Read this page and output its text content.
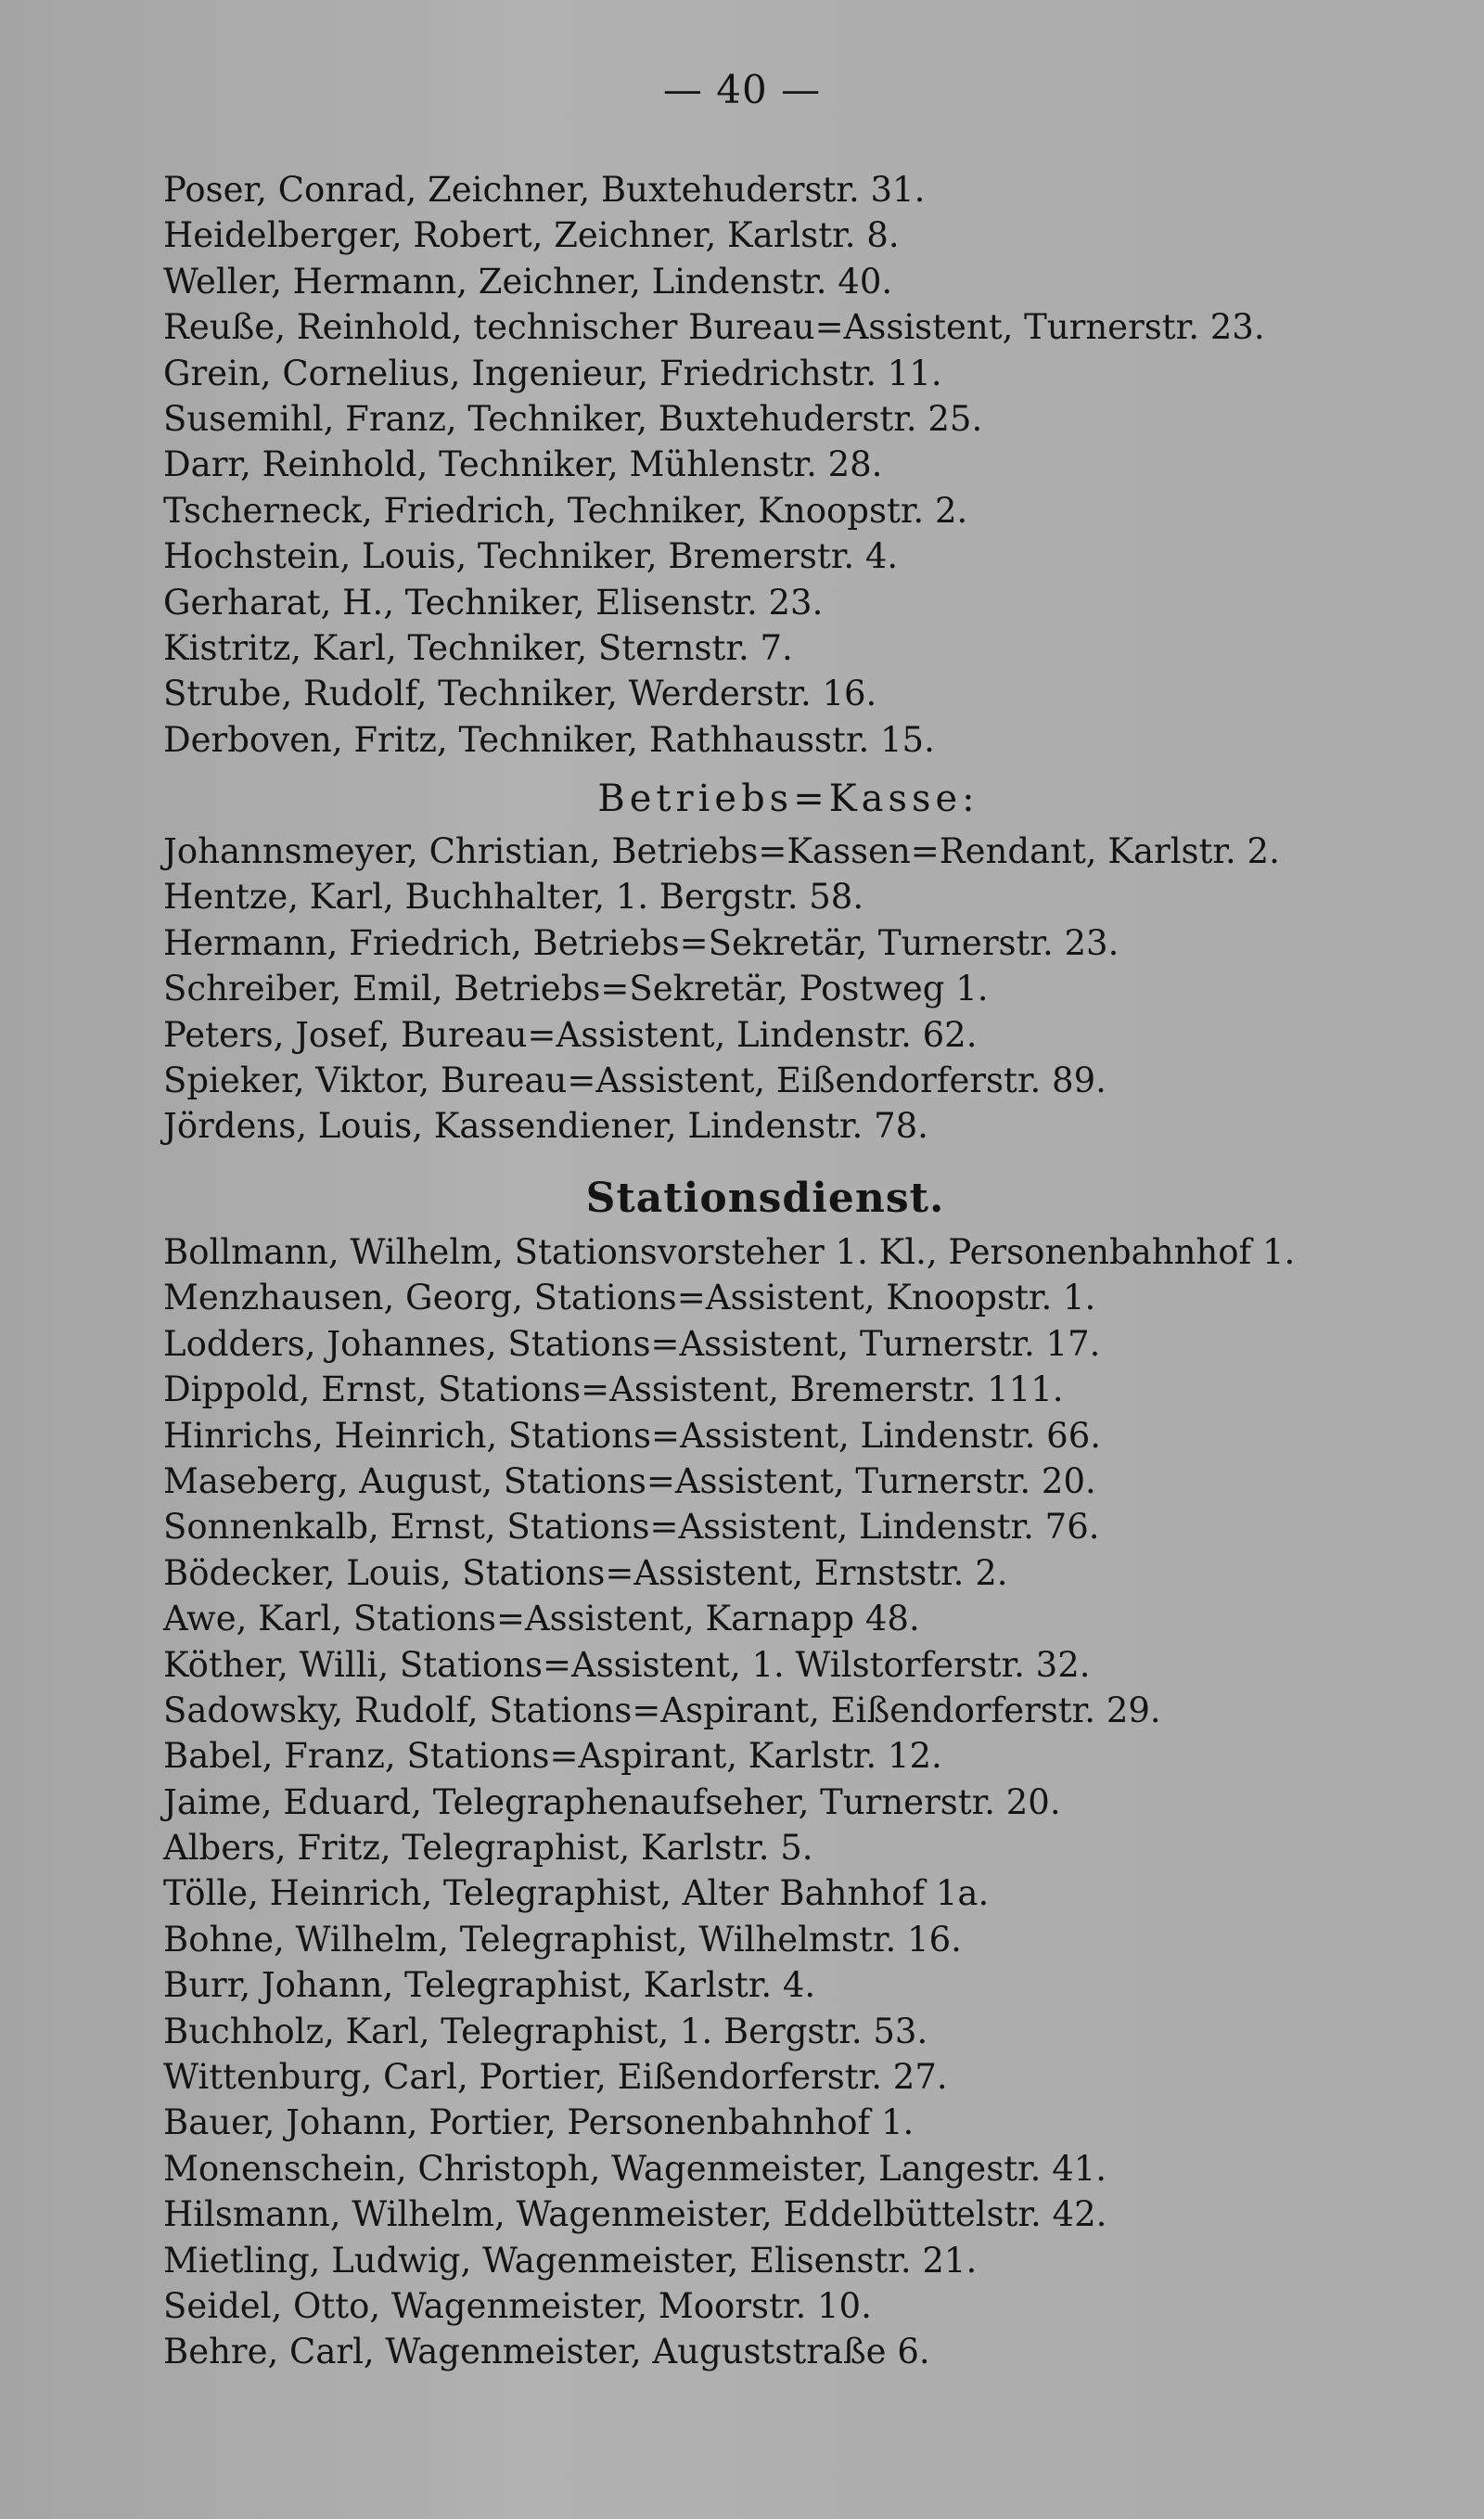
— 40 —
Poser, Conrad, Zeichner, Buxtehuderstr. 31.
Heidelberger, Robert, Zeichner, Karlstr. 8.
Weller, Hermann, Zeichner, Lindenstr. 40.
Reuße, Reinhold, technischer Bureau=Assistent, Turnerstr. 23.
Grein, Cornelius, Ingenieur, Friedrichstr. 11.
Susemihl, Franz, Techniker, Buxtehuderstr. 25.
Darr, Reinhold, Techniker, Mühlenstr. 28.
Tscherneck, Friedrich, Techniker, Knoopstr. 2.
Hochstein, Louis, Techniker, Bremerstr. 4.
Gerharat, H., Techniker, Elisenstr. 23.
Kistritz, Karl, Techniker, Sternstr. 7.
Strube, Rudolf, Techniker, Werderstr. 16.
Derboven, Fritz, Techniker, Rathhausstr. 15.
Betriebs=Kasse:
Johannsmeyer, Christian, Betriebs=Kassen=Rendant, Karlstr. 2.
Hentze, Karl, Buchhalter, 1. Bergstr. 58.
Hermann, Friedrich, Betriebs=Sekretär, Turnerstr. 23.
Schreiber, Emil, Betriebs=Sekretär, Postweg 1.
Peters, Josef, Bureau=Assistent, Lindenstr. 62.
Spieker, Viktor, Bureau=Assistent, Eißendorferstr. 89.
Jördens, Louis, Kassendiener, Lindenstr. 78.
Stationsdienst.
Bollmann, Wilhelm, Stationsvorsteher 1. Kl., Personenbahnhof 1.
Menzhausen, Georg, Stations=Assistent, Knoopstr. 1.
Lodders, Johannes, Stations=Assistent, Turnerstr. 17.
Dippold, Ernst, Stations=Assistent, Bremerstr. 111.
Hinrichs, Heinrich, Stations=Assistent, Lindenstr. 66.
Maseberg, August, Stations=Assistent, Turnerstr. 20.
Sonnenkalb, Ernst, Stations=Assistent, Lindenstr. 76.
Bödecker, Louis, Stations=Assistent, Ernststr. 2.
Awe, Karl, Stations=Assistent, Karnapp 48.
Köther, Willi, Stations=Assistent, 1. Wilstorferstr. 32.
Sadowsky, Rudolf, Stations=Aspirant, Eißendorferstr. 29.
Babel, Franz, Stations=Aspirant, Karlstr. 12.
Jaime, Eduard, Telegraphenaufseher, Turnerstr. 20.
Albers, Fritz, Telegraphist, Karlstr. 5.
Tölle, Heinrich, Telegraphist, Alter Bahnhof 1a.
Bohne, Wilhelm, Telegraphist, Wilhelmstr. 16.
Burr, Johann, Telegraphist, Karlstr. 4.
Buchholz, Karl, Telegraphist, 1. Bergstr. 53.
Wittenburg, Carl, Portier, Eißendorferstr. 27.
Bauer, Johann, Portier, Personenbahnhof 1.
Monenschein, Christoph, Wagenmeister, Langestr. 41.
Hilsmann, Wilhelm, Wagenmeister, Eddelbüttelstr. 42.
Mietling, Ludwig, Wagenmeister, Elisenstr. 21.
Seidel, Otto, Wagenmeister, Moorstr. 10.
Behre, Carl, Wagenmeister, Auguststraße 6.
